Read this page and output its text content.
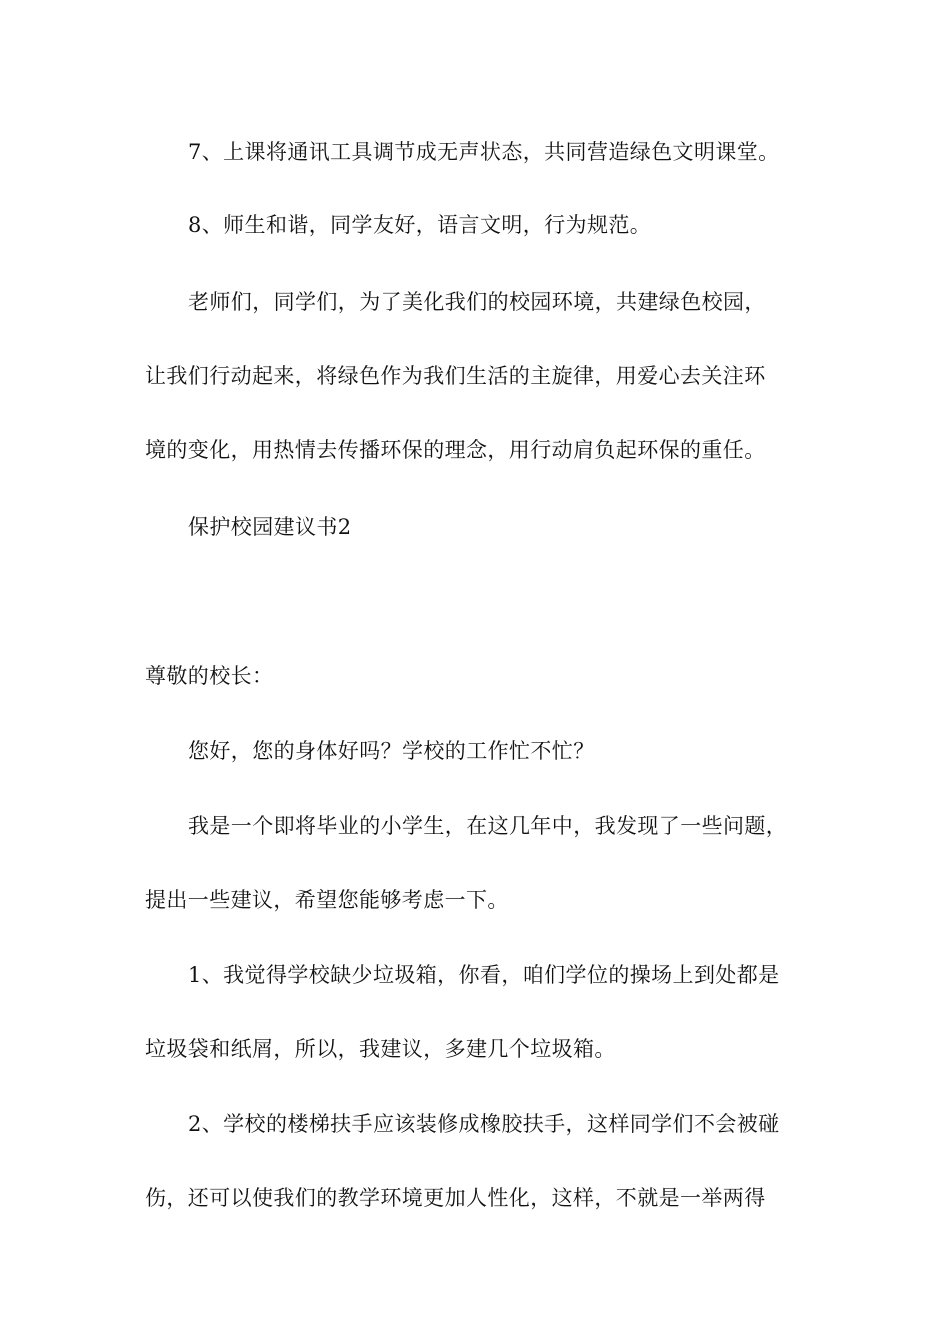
7、上课将通讯工具调节成无声状态，共同营造绿色文明课堂。
8、师生和谐，同学友好，语言文明，行为规范。
老师们，同学们，为了美化我们的校园环境，共建绿色校园，
让我们行动起来，将绿色作为我们生活的主旋律，用爱心去关注环
境的变化，用热情去传播环保的理念，用行动肩负起环保的重任。
保护校园建议书2
尊敬的校长：
您好，您的身体好吗？学校的工作忙不忙？
我是一个即将毕业的小学生，在这几年中，我发现了一些问题，
提出一些建议，希望您能够考虑一下。
1、我觉得学校缺少垃圾箱，你看，咱们学位的操场上到处都是
垃圾袋和纸屑，所以，我建议，多建几个垃圾箱。
2、学校的楼梯扶手应该装修成橡胶扶手，这样同学们不会被碰
伤，还可以使我们的教学环境更加人性化，这样，不就是一举两得
